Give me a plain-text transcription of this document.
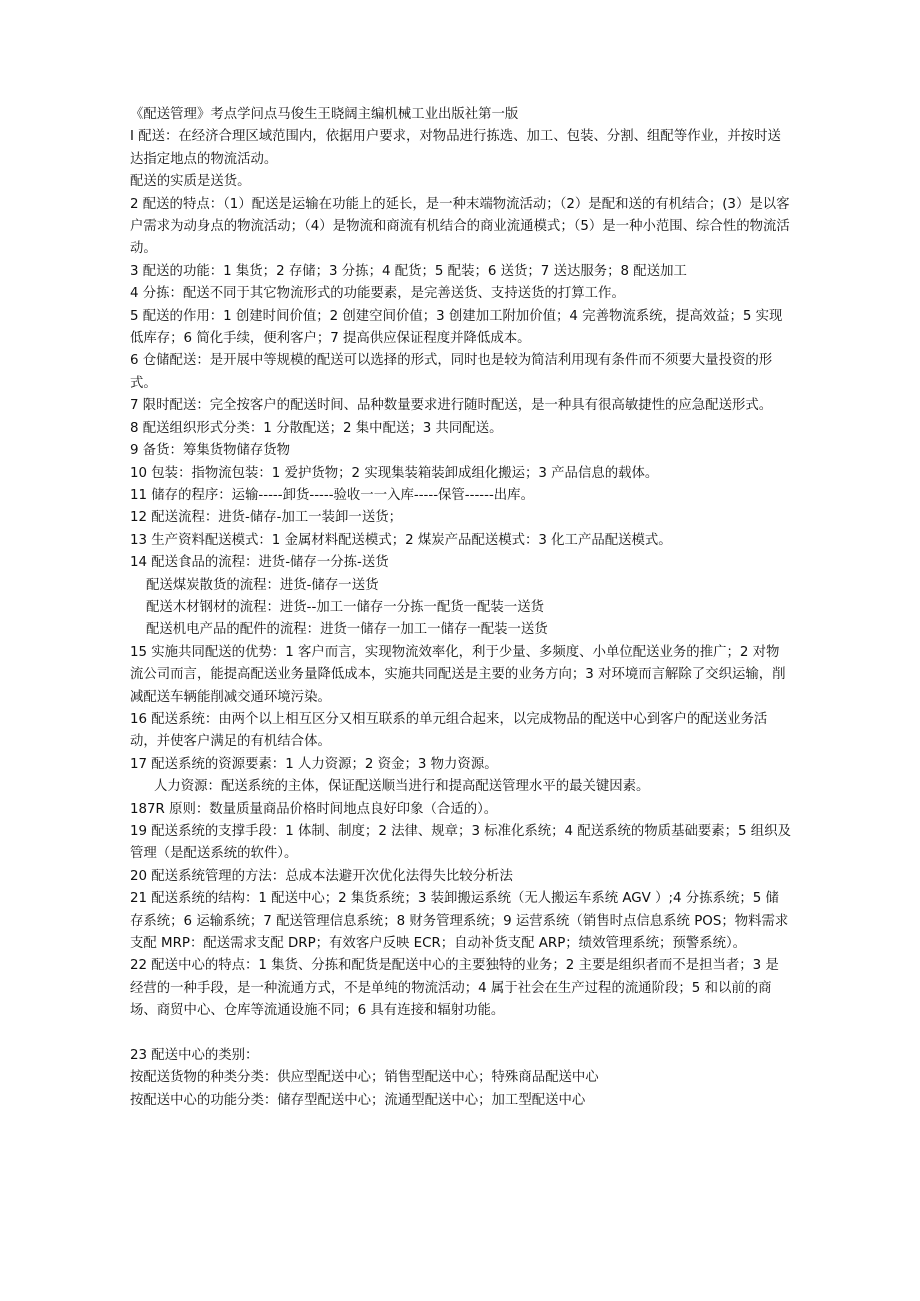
《配送管理》考点学问点马俊生王晓阔主编机械工业出版社第一版

I 配送：在经济合理区域范围内，依据用户要求，对物品进行拣选、加工、包装、分割、组配等作业，并按时送达指定地点的物流活动。

配送的实质是送货。

2 配送的特点：（1）配送是运输在功能上的延长，是一种末端物流活动；（2）是配和送的有机结合；(3）是以客户需求为动身点的物流活动；（4）是物流和商流有机结合的商业流通模式；（5）是一种小范围、综合性的物流活动。

3 配送的功能：1 集货；2 存储；3 分拣；4 配货；5 配装；6 送货；7 送达服务；8 配送加工

4 分拣：配送不同于其它物流形式的功能要素，是完善送货、支持送货的打算工作。

5 配送的作用：1 创建时间价值；2 创建空间价值；3 创建加工附加价值；4 完善物流系统，提高效益；5 实现低库存；6 简化手续，便利客户；7 提高供应保证程度并降低成本。

6 仓储配送：是开展中等规模的配送可以选择的形式，同时也是较为简洁利用现有条件而不须要大量投资的形式。

7 限时配送：完全按客户的配送时间、品种数量要求进行随时配送，是一种具有很高敏捷性的应急配送形式。

8 配送组织形式分类：1 分散配送；2 集中配送；3 共同配送。

9 备货：筹集货物储存货物

10 包装：指物流包装：1 爱护货物；2 实现集装箱装卸成组化搬运；3 产品信息的载体。

11 储存的程序：运输-----卸货-----验收一一入库-----保管------出库。

12 配送流程：进货-储存-加工一装卸一送货；

13 生产资料配送模式：1 金属材料配送模式；2 煤炭产品配送模式：3 化工产品配送模式。

14 配送食品的流程：进货-储存一分拣-送货

配送煤炭散货的流程：进货-储存一送货

配送木材钢材的流程：进货--加工一储存一分拣一配货一配装一送货

配送机电产品的配件的流程：进货一储存一加工一储存一配装一送货

15 实施共同配送的优势：1 客户而言，实现物流效率化，利于少量、多频度、小单位配送业务的推广；2 对物流公司而言，能提高配送业务量降低成本，实施共同配送是主要的业务方向；3 对环境而言解除了交织运输，削减配送车辆能削减交通环境污染。

16 配送系统：由两个以上相互区分又相互联系的单元组合起来，以完成物品的配送中心到客户的配送业务活动，并使客户满足的有机结合体。

17 配送系统的资源要素：1 人力资源；2 资金；3 物力资源。

人力资源：配送系统的主体，保证配送顺当进行和提高配送管理水平的最关键因素。

187R 原则：数量质量商品价格时间地点良好印象（合适的）。

19 配送系统的支撑手段：1 体制、制度；2 法律、规章；3 标准化系统；4 配送系统的物质基础要素；5 组织及管理（是配送系统的软件）。

20 配送系统管理的方法：总成本法避开次优化法得失比较分析法

21 配送系统的结构：1 配送中心；2 集货系统；3 装卸搬运系统（无人搬运车系统 AGV ）;4 分拣系统；5 储存系统；6 运输系统；7 配送管理信息系统；8 财务管理系统；9 运营系统（销售时点信息系统 POS；物料需求支配 MRP：配送需求支配 DRP；有效客户反映 ECR；自动补货支配 ARP；绩效管理系统；预警系统）。

22 配送中心的特点：1 集货、分拣和配货是配送中心的主要独特的业务；2 主要是组织者而不是担当者；3 是经营的一种手段，是一种流通方式，不是单纯的物流活动；4 属于社会在生产过程的流通阶段；5 和以前的商场、商贸中心、仓库等流通设施不同；6 具有连接和辐射功能。

23 配送中心的类别：

按配送货物的种类分类：供应型配送中心；销售型配送中心；特殊商品配送中心

按配送中心的功能分类：储存型配送中心；流通型配送中心；加工型配送中心
